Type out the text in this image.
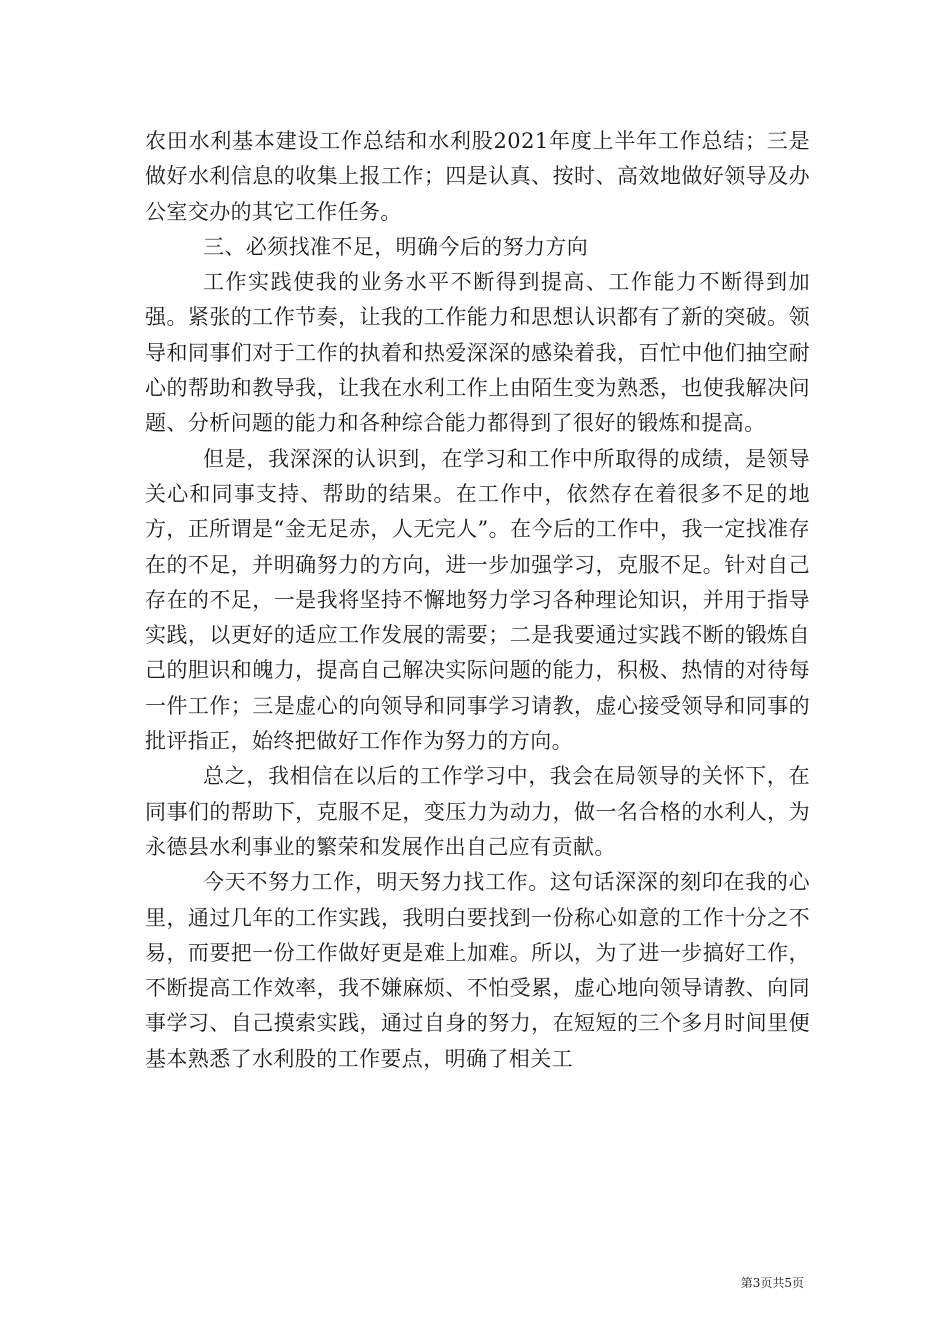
农田水利基本建设工作总结和水利股2021年度上半年工作总结；三是做好水利信息的收集上报工作；四是认真、按时、高效地做好领导及办公室交办的其它工作任务。

三、必须找准不足，明确今后的努力方向

工作实践使我的业务水平不断得到提高、工作能力不断得到加强。紧张的工作节奏，让我的工作能力和思想认识都有了新的突破。领导和同事们对于工作的执着和热爱深深的感染着我，百忙中他们抽空耐心的帮助和教导我，让我在水利工作上由陌生变为熟悉，也使我解决问题、分析问题的能力和各种综合能力都得到了很好的锻炼和提高。

但是，我深深的认识到，在学习和工作中所取得的成绩，是领导关心和同事支持、帮助的结果。在工作中，依然存在着很多不足的地方，正所谓是“金无足赤，人无完人”。在今后的工作中，我一定找准存在的不足，并明确努力的方向，进一步加强学习，克服不足。针对自己存在的不足，一是我将坚持不懈地努力学习各种理论知识，并用于指导实践，以更好的适应工作发展的需要；二是我要通过实践不断的锻炼自己的胆识和魄力，提高自己解决实际问题的能力，积极、热情的对待每一件工作；三是虚心的向领导和同事学习请教，虚心接受领导和同事的批评指正，始终把做好工作作为努力的方向。

总之，我相信在以后的工作学习中，我会在局领导的关怀下，在同事们的帮助下，克服不足，变压力为动力，做一名合格的水利人，为永德县水利事业的繁荣和发展作出自己应有贡献。

今天不努力工作，明天努力找工作。这句话深深的刻印在我的心里，通过几年的工作实践，我明白要找到一份称心如意的工作十分之不易，而要把一份工作做好更是难上加难。所以，为了进一步搞好工作，不断提高工作效率，我不嫌麻烦、不怕受累，虚心地向领导请教、向同事学习、自己摸索实践，通过自身的努力，在短短的三个多月时间里便基本熟悉了水利股的工作要点，明确了相关工

第3页共5页
